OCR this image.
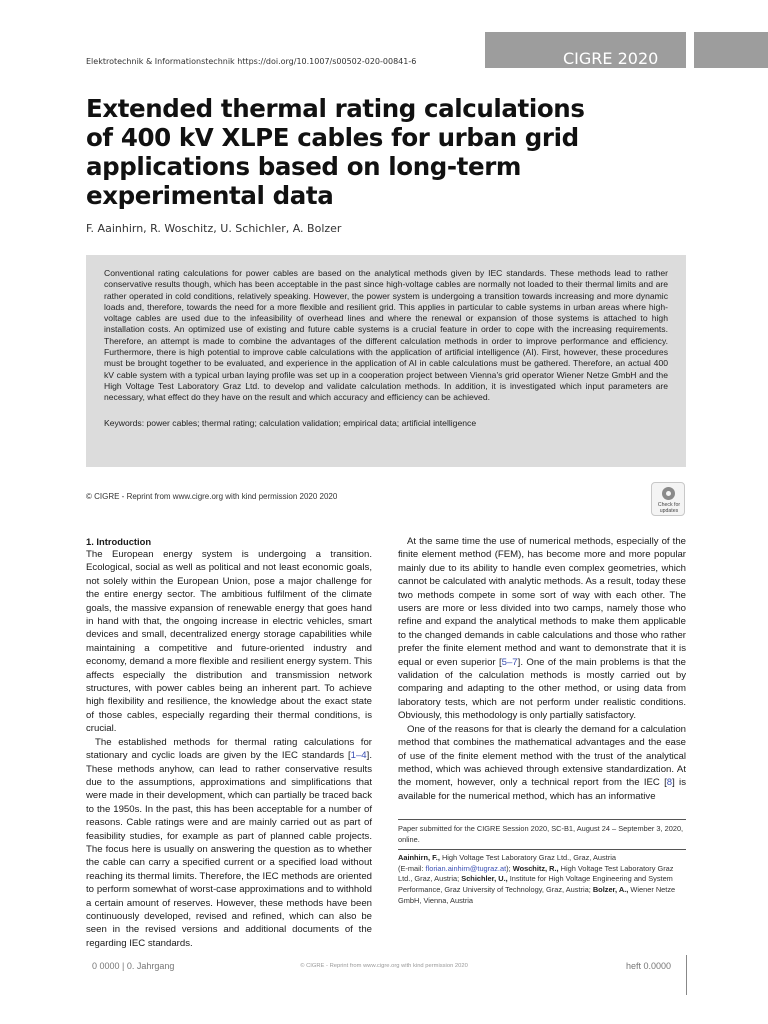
CIGRE 2020
Elektrotechnik & Informationstechnik https://doi.org/10.1007/s00502-020-00841-6
Extended thermal rating calculations of 400 kV XLPE cables for urban grid applications based on long-term experimental data
F. Aainhirn, R. Woschitz, U. Schichler, A. Bolzer

Conventional rating calculations for power cables are based on the analytical methods given by IEC standards. These methods lead to rather conservative results though, which has been acceptable in the past since high-voltage cables are normally not loaded to their thermal limits and are rather operated in cold conditions, relatively speaking. However, the power system is undergoing a transition towards increasing and more dynamic loads and, therefore, towards the need for a more flexible and resilient grid. This applies in particular to cable systems in urban areas where high-voltage cables are used due to the infeasibility of overhead lines and where the renewal or expansion of those systems is attached to high installation costs. An optimized use of existing and future cable systems is a crucial feature in order to cope with the increasing requirements. Therefore, an attempt is made to combine the advantages of the different calculation methods in order to improve performance and efficiency. Furthermore, there is high potential to improve cable calculations with the application of artificial intelligence (AI). First, however, these procedures must be brought together to be evaluated, and experience in the application of AI in cable calculations must be gathered. Therefore, an actual 400 kV cable system with a typical urban laying profile was set up in a cooperation project between Vienna's grid operator Wiener Netze GmbH and the High Voltage Test Laboratory Graz Ltd. to develop and validate calculation methods. In addition, it is investigated which input parameters are necessary, what effect do they have on the result and which accuracy and efficiency can be achieved.

Keywords: power cables; thermal rating; calculation validation; empirical data; artificial intelligence
© CIGRE - Reprint from www.cigre.org with kind permission 2020 2020
Check for updates
1. Introduction

The European energy system is undergoing a transition. Ecological, social as well as political and not least economic goals, not solely within the European Union, pose a major challenge for the entire energy sector. The ambitious fulfilment of the climate goals, the massive expansion of renewable energy that goes hand in hand with that, the ongoing increase in electric vehicles, smart devices and small, decentralized energy storage capabilities while maintaining a competitive and future-oriented industry and economy, demand a more flexible and resilient energy system. This affects especially the distribution and transmission network structures, with power cables being an inherent part. To achieve high flexibility and resilience, the knowledge about the exact state of those cables, especially regarding their thermal conditions, is crucial.

The established methods for thermal rating calculations for stationary and cyclic loads are given by the IEC standards [1–4]. These methods anyhow, can lead to rather conservative results due to the assumptions, approximations and simplifications that were made in their development, which can partially be traced back to the 1950s. In the past, this has been acceptable for a number of reasons. Cable ratings were and are mainly carried out as part of feasibility studies, for example as part of planned cable projects. The focus here is usually on answering the question as to whether the cable can carry a specified current or a specified load without reaching its thermal limits. Therefore, the IEC methods are oriented to perform somewhat of worst-case approximations and to withhold a certain amount of reserves. However, these methods have been continuously developed, revised and refined, which can also be seen in the revised versions and additional documents of the regarding IEC standards.

At the same time the use of numerical methods, especially of the finite element method (FEM), has become more and more popular mainly due to its ability to handle even complex geometries, which cannot be calculated with analytic methods. As a result, today these two methods compete in some sort of way with each other. The users are more or less divided into two camps, namely those who refine and expand the analytical methods to make them applicable to the changed demands in cable calculations and those who rather prefer the finite element method and want to demonstrate that it is equal or even superior [5–7]. One of the main problems is that the validation of the calculation methods is mostly carried out by comparing and adapting to the other method, or using data from laboratory tests, which are not perform under realistic conditions. Obviously, this methodology is only partially satisfactory.

One of the reasons for that is clearly the demand for a calculation method that combines the mathematical advantages and the ease of use of the finite element method with the trust of the analytical method, which was achieved through extensive standardization. At the moment, however, only a technical report from the IEC [8] is available for the numerical method, which has an informative

Paper submitted for the CIGRE Session 2020, SC-B1, August 24 – September 3, 2020, online.

Aainhirn, F., High Voltage Test Laboratory Graz Ltd., Graz, Austria
(E-mail: florian.ainhirn@tugraz.at); Woschitz, R., High Voltage Test Laboratory Graz Ltd., Graz, Austria; Schichler, U., Institute for High Voltage Engineering and System Performance, Graz University of Technology, Graz, Austria; Bolzer, A., Wiener Netze GmbH, Vienna, Austria

0 0000 | 0. Jahrgang	© CIGRE - Reprint from www.cigre.org with kind permission 2020	heft 0.0000
